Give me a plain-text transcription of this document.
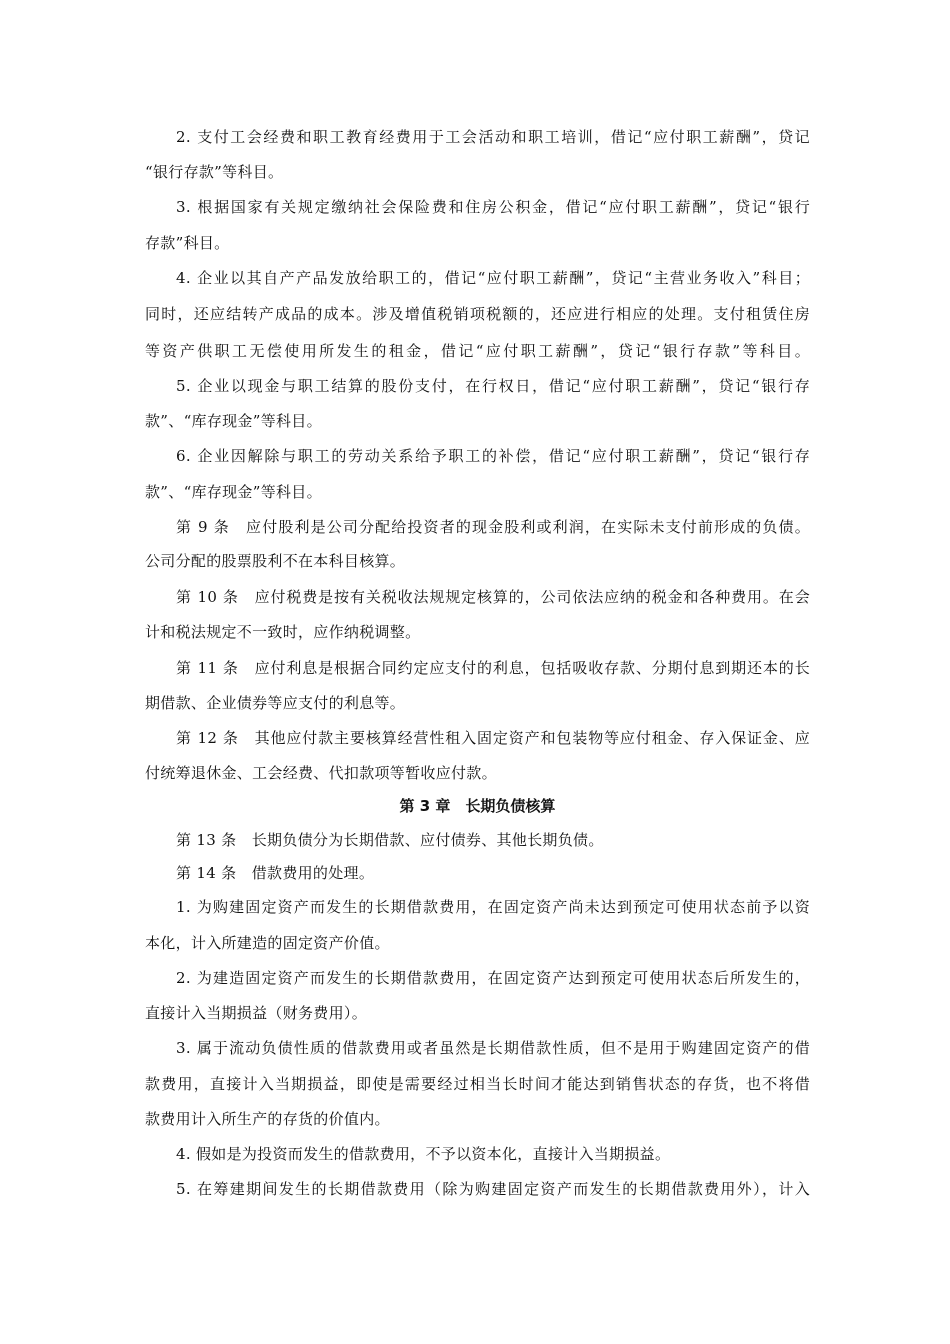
2. 支付工会经费和职工教育经费用于工会活动和职工培训，借记“应付职工薪酬”，贷记
“银行存款”等科目。
3. 根据国家有关规定缴纳社会保险费和住房公积金，借记“应付职工薪酬”，贷记“银行
存款”科目。
4. 企业以其自产产品发放给职工的，借记“应付职工薪酬”，贷记“主营业务收入”科目；
同时，还应结转产成品的成本。涉及增值税销项税额的，还应进行相应的处理。支付租赁住房
等资产供职工无偿使用所发生的租金，借记“应付职工薪酬”，贷记“银行存款”等科目。
5. 企业以现金与职工结算的股份支付，在行权日，借记“应付职工薪酬”，贷记“银行存
款”、“库存现金”等科目。
6. 企业因解除与职工的劳动关系给予职工的补偿，借记“应付职工薪酬”，贷记“银行存
款”、“库存现金”等科目。
第 9 条　应付股利是公司分配给投资者的现金股利或利润，在实际未支付前形成的负债。
公司分配的股票股利不在本科目核算。
第 10 条　应付税费是按有关税收法规规定核算的，公司依法应纳的税金和各种费用。在会
计和税法规定不一致时，应作纳税调整。
第 11 条　应付利息是根据合同约定应支付的利息，包括吸收存款、分期付息到期还本的长
期借款、企业债券等应支付的利息等。
第 12 条　其他应付款主要核算经营性租入固定资产和包装物等应付租金、存入保证金、应
付统筹退休金、工会经费、代扣款项等暂收应付款。
第 3 章　长期负债核算
第 13 条　长期负债分为长期借款、应付债券、其他长期负债。
第 14 条　借款费用的处理。
1. 为购建固定资产而发生的长期借款费用，在固定资产尚未达到预定可使用状态前予以资
本化，计入所建造的固定资产价值。
2. 为建造固定资产而发生的长期借款费用，在固定资产达到预定可使用状态后所发生的，
直接计入当期损益（财务费用）。
3. 属于流动负债性质的借款费用或者虽然是长期借款性质，但不是用于购建固定资产的借
款费用，直接计入当期损益，即使是需要经过相当长时间才能达到销售状态的存货，也不将借
款费用计入所生产的存货的价值内。
4. 假如是为投资而发生的借款费用，不予以资本化，直接计入当期损益。
5. 在筹建期间发生的长期借款费用（除为购建固定资产而发生的长期借款费用外），计入
